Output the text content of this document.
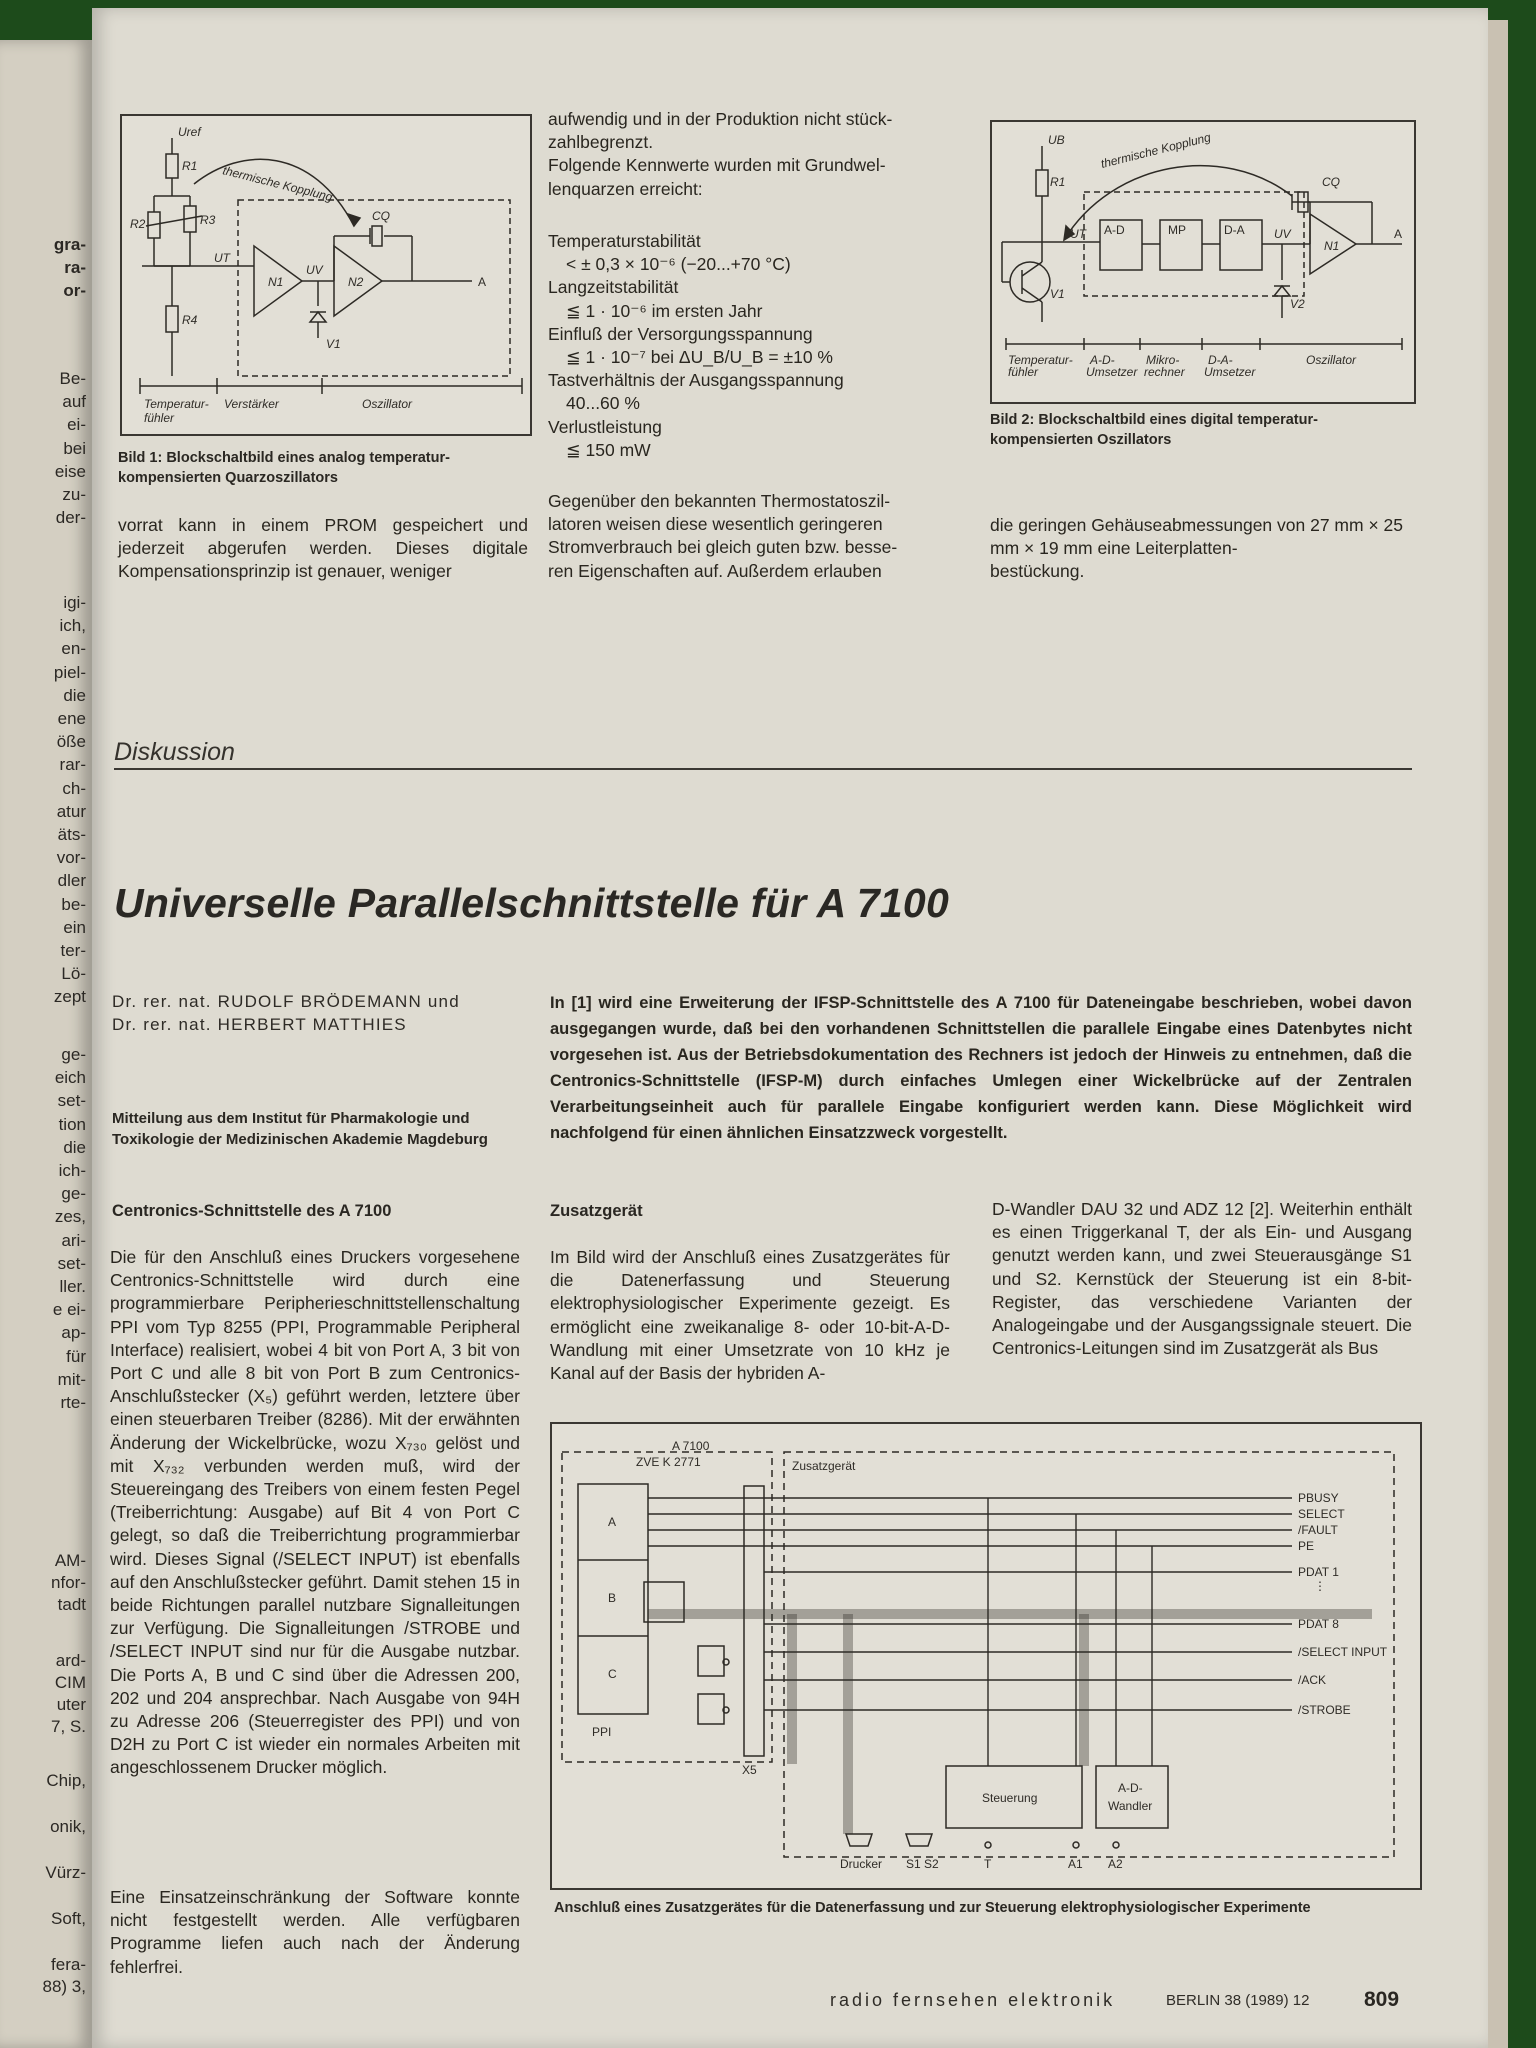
gra-
ra-
or-
Be-
auf
ei-
bei
eise
zu-
der-
igi-
ich,
en-
piel-
die
ene
öße
rar-
ch-
atur
äts-
vor-
dler
be-
ein
ter-
Lö-
zept
ge-
eich
set-
tion
die
ich-
ge-
zes,
ari-
set-
ller.
e ei-
ap-
für
mit-
rte-
AM-
nfor-
tadt
ard-
CIM
uter
7, S.
Chip,
onik,
Vürz-
Soft,
fera-
88) 3,
Uref
R1
R2	R3
R4
UT
UV
N1	N2
CQ
V1
A
thermische Kopplung
Temperatur-
fühler
Verstärker	Oszillator
Bild 1: Blockschaltbild eines analog temperatur-
kompensierten Quarzoszillators
aufwendig und in der Produktion nicht stück-
zahlbegrenzt.
Folgende Kennwerte wurden mit Grundwel-
lenquarzen erreicht:
Temperaturstabilität
< ± 0,3 × 10⁻⁶ (−20...+70 °C)
Langzeitstabilität
≦ 1 · 10⁻⁶ im ersten Jahr
Einfluß der Versorgungsspannung
≦ 1 · 10⁻⁷ bei ΔU_B/U_B = ±10 %
Tastverhältnis der Ausgangsspannung
40...60 %
Verlustleistung
≦ 150 mW
UB
R1
UT A-D	MP	D-A UV
N1
CQ
V1
V2
A
thermische Kopplung
Temperatur-
fühler
A-D-
Umsetzer
Mikro-
rechner
D-A-
Umsetzer
Oszillator
Bild 2: Blockschaltbild eines digital temperatur-
kompensierten Oszillators
vorrat kann in einem PROM gespeichert und jederzeit abgerufen werden. Dieses digitale Kompensationsprinzip ist genauer, weniger
Gegenüber den bekannten Thermostatoszil-
latoren weisen diese wesentlich geringeren Stromverbrauch bei gleich guten bzw. besse-
ren Eigenschaften auf. Außerdem erlauben
die geringen Gehäuseabmessungen von 27 mm × 25 mm × 19 mm eine Leiterplatten-
bestückung.
Diskussion
Universelle Parallelschnittstelle für A 7100
Dr. rer. nat. RUDOLF BRÖDEMANN und
Dr. rer. nat. HERBERT MATTHIES
Mitteilung aus dem Institut für Pharmakologie und Toxikologie der Medizinischen Akademie Magdeburg
In [1] wird eine Erweiterung der IFSP-Schnittstelle des A 7100 für Dateneingabe beschrieben, wobei davon ausgegangen wurde, daß bei den vorhandenen Schnittstellen die parallele Eingabe eines Datenbytes nicht vorgesehen ist. Aus der Betriebsdokumentation des Rechners ist jedoch der Hinweis zu entnehmen, daß die Centronics-Schnittstelle (IFSP-M) durch einfaches Umlegen einer Wickelbrücke auf der Zentralen Verarbeitungseinheit auch für parallele Eingabe konfiguriert werden kann. Diese Möglichkeit wird nachfolgend für einen ähnlichen Einsatzzweck vorgestellt.
Centronics-Schnittstelle des A 7100
Die für den Anschluß eines Druckers vorgesehene Centronics-Schnittstelle wird durch eine programmierbare Peripherieschnittstellenschaltung PPI vom Typ 8255 (PPI, Programmable Peripheral Interface) realisiert, wobei 4 bit von Port A, 3 bit von Port C und alle 8 bit von Port B zum Centronics-Anschlußstecker (X₅) geführt werden, letztere über einen steuerbaren Treiber (8286). Mit der erwähnten Änderung der Wickelbrücke, wozu X₇₃₀ gelöst und mit X₇₃₂ verbunden werden muß, wird der Steuereingang des Treibers von einem festen Pegel (Treiberrichtung: Ausgabe) auf Bit 4 von Port C gelegt, so daß die Treiberrichtung programmierbar wird. Dieses Signal (/SELECT INPUT) ist ebenfalls auf den Anschlußstecker geführt. Damit stehen 15 in beide Richtungen parallel nutzbare Signalleitungen zur Verfügung. Die Signalleitungen /STROBE und /SELECT INPUT sind nur für die Ausgabe nutzbar. Die Ports A, B und C sind über die Adressen 200, 202 und 204 ansprechbar. Nach Ausgabe von 94H zu Adresse 206 (Steuerregister des PPI) und von D2H zu Port C ist wieder ein normales Arbeiten mit angeschlossenem Drucker möglich.
Eine Einsatzeinschränkung der Software konnte nicht festgestellt werden. Alle verfügbaren Programme liefen auch nach der Änderung fehlerfrei.
Zusatzgerät
Im Bild wird der Anschluß eines Zusatzgerätes für die Datenerfassung und Steuerung elektrophysiologischer Experimente gezeigt. Es ermöglicht eine zweikanalige 8- oder 10-bit-A-D-Wandlung mit einer Umsetzrate von 10 kHz je Kanal auf der Basis der hybriden A-
D-Wandler DAU 32 und ADZ 12 [2]. Weiterhin enthält es einen Triggerkanal T, der als Ein- und Ausgang genutzt werden kann, und zwei Steuerausgänge S1 und S2. Kernstück der Steuerung ist ein 8-bit-Register, das verschiedene Varianten der Analogeingabe und der Ausgangssignale steuert. Die Centronics-Leitungen sind im Zusatzgerät als Bus
A 7100
ZVE K 2771	Zusatzgerät
A
B
C
PPI
X5
Steuerung
A-D-
Wandler
Drucker S1 S2	T	A1 A2
PBUSY
SELECT
/FAULT
PE
PDAT 1
PDAT 8
/SELECT INPUT
/ACK
/STROBE
⋮
Anschluß eines Zusatzgerätes für die Datenerfassung und zur Steuerung elektrophysiologischer Experimente
radio fernsehen elektronik	BERLIN 38 (1989) 12	809
